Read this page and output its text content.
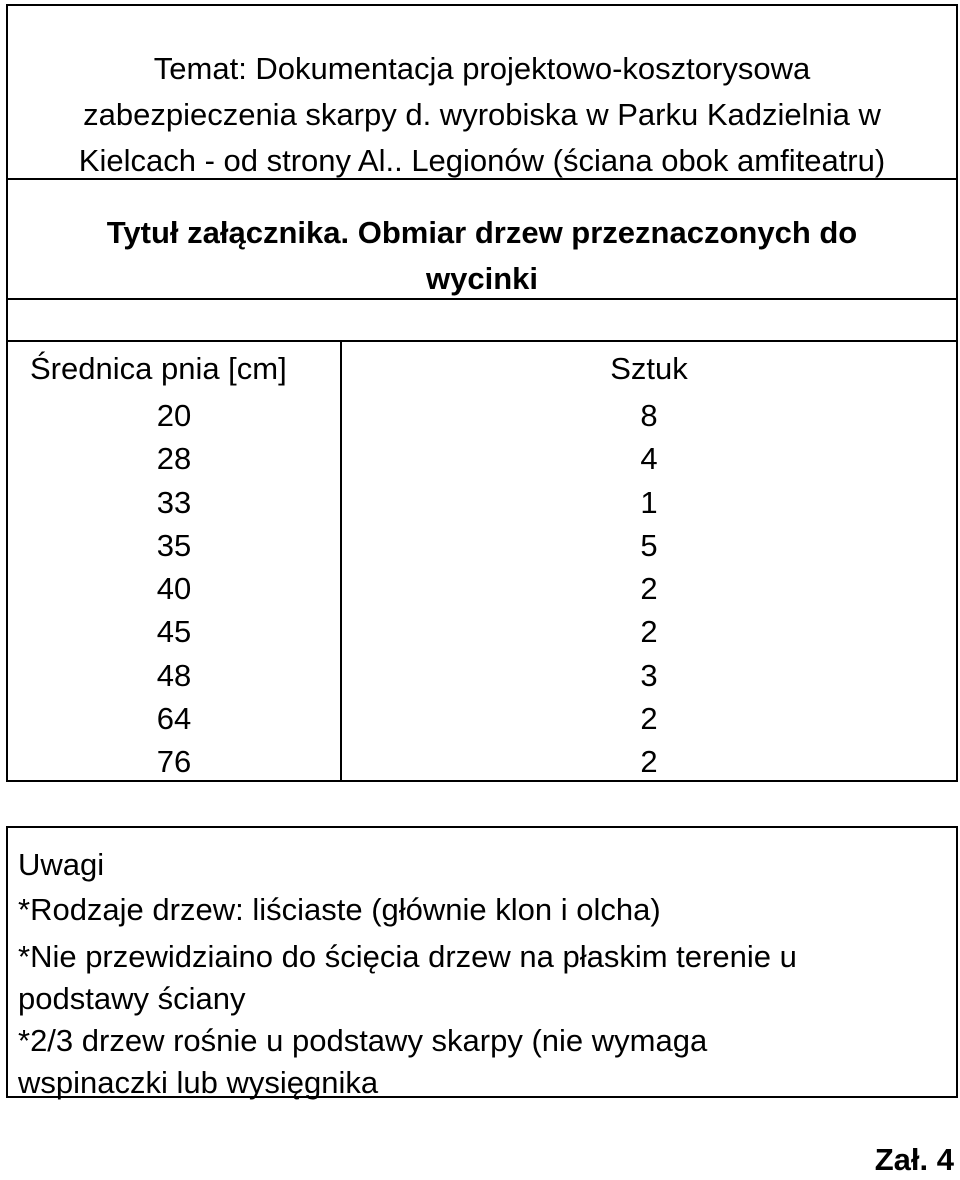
Temat: Dokumentacja projektowo-kosztorysowa
zabezpieczenia skarpy d. wyrobiska w Parku Kadzielnia w
Kielcach - od strony Al.. Legionów (ściana obok amfiteatru)
Tytuł załącznika. Obmiar drzew przeznaczonych do
wycinki
Średnica pnia [cm]	Sztuk
20	8
28	4
33	1
35	5
40	2
45	2
48	3
64	2
76	2
Uwagi
*Rodzaje drzew: liściaste (głównie klon i olcha)
*Nie przewidziaino do ścięcia drzew na płaskim terenie u
podstawy ściany
*2/3 drzew rośnie u podstawy skarpy (nie wymaga
wspinaczki lub wysięgnika
Zał. 4
